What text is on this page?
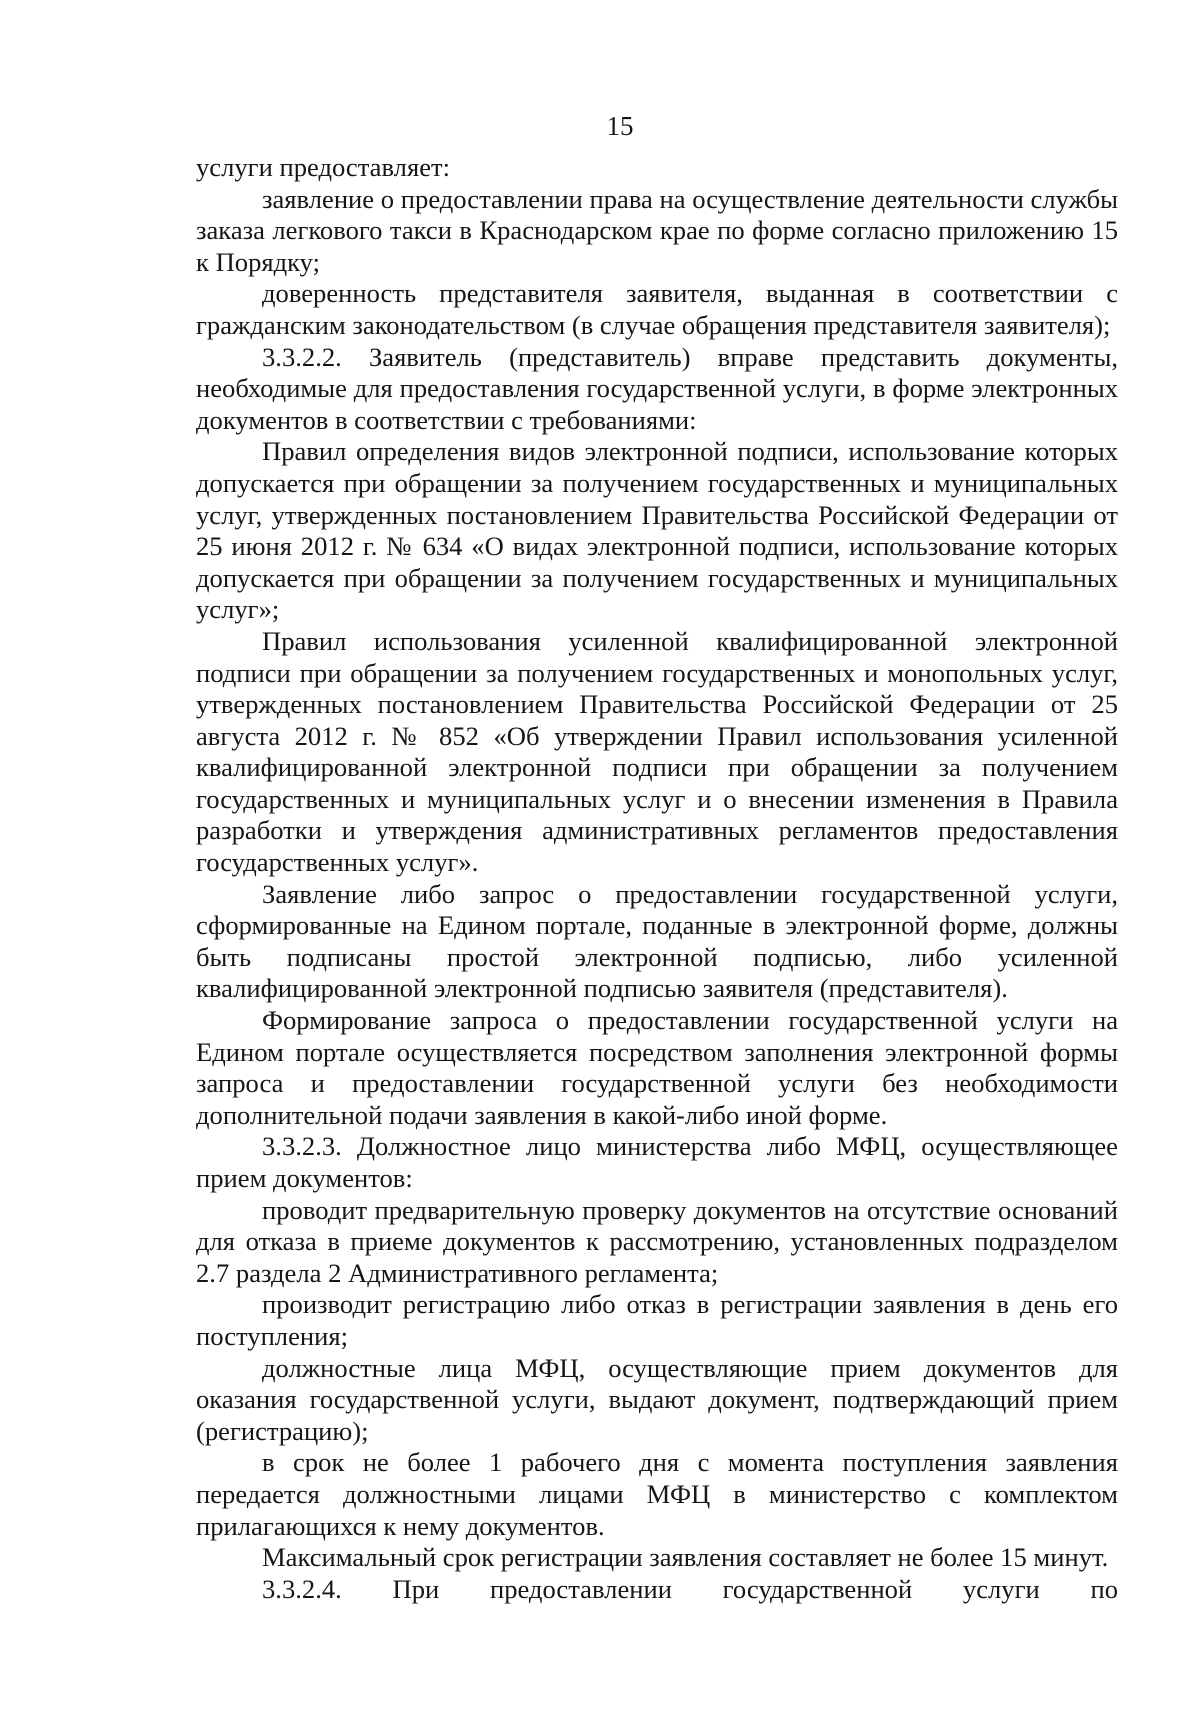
15

услуги предоставляет:

заявление о предоставлении права на осуществление деятельности службы заказа легкового такси в Краснодарском крае по форме согласно приложению 15 к Порядку;

доверенность представителя заявителя, выданная в соответствии с гражданским законодательством (в случае обращения представителя заявителя);

3.3.2.2. Заявитель (представитель) вправе представить документы, необходимые для предоставления государственной услуги, в форме электронных документов в соответствии с требованиями:

Правил определения видов электронной подписи, использование которых допускается при обращении за получением государственных и муниципальных услуг, утвержденных постановлением Правительства Российской Федерации от 25 июня 2012 г. № 634 «О видах электронной подписи, использование которых допускается при обращении за получением государственных и муниципальных услуг»;

Правил использования усиленной квалифицированной электронной подписи при обращении за получением государственных и монопольных услуг, утвержденных постановлением Правительства Российской Федерации от 25 августа 2012 г. № 852 «Об утверждении Правил использования усиленной квалифицированной электронной подписи при обращении за получением государственных и муниципальных услуг и о внесении изменения в Правила разработки и утверждения административных регламентов предоставления государственных услуг».

Заявление либо запрос о предоставлении государственной услуги, сформированные на Едином портале, поданные в электронной форме, должны быть подписаны простой электронной подписью, либо усиленной квалифицированной электронной подписью заявителя (представителя).

Формирование запроса о предоставлении государственной услуги на Едином портале осуществляется посредством заполнения электронной формы запроса и предоставлении государственной услуги без необходимости дополнительной подачи заявления в какой-либо иной форме.

3.3.2.3. Должностное лицо министерства либо МФЦ, осуществляющее прием документов:

проводит предварительную проверку документов на отсутствие оснований для отказа в приеме документов к рассмотрению, установленных подразделом 2.7 раздела 2 Административного регламента;

производит регистрацию либо отказ в регистрации заявления в день его поступления;

должностные лица МФЦ, осуществляющие прием документов для оказания государственной услуги, выдают документ, подтверждающий прием (регистрацию);

в срок не более 1 рабочего дня с момента поступления заявления передается должностными лицами МФЦ в министерство с комплектом прилагающихся к нему документов.

Максимальный срок регистрации заявления составляет не более 15 минут.

3.3.2.4. При предоставлении государственной услуги по
